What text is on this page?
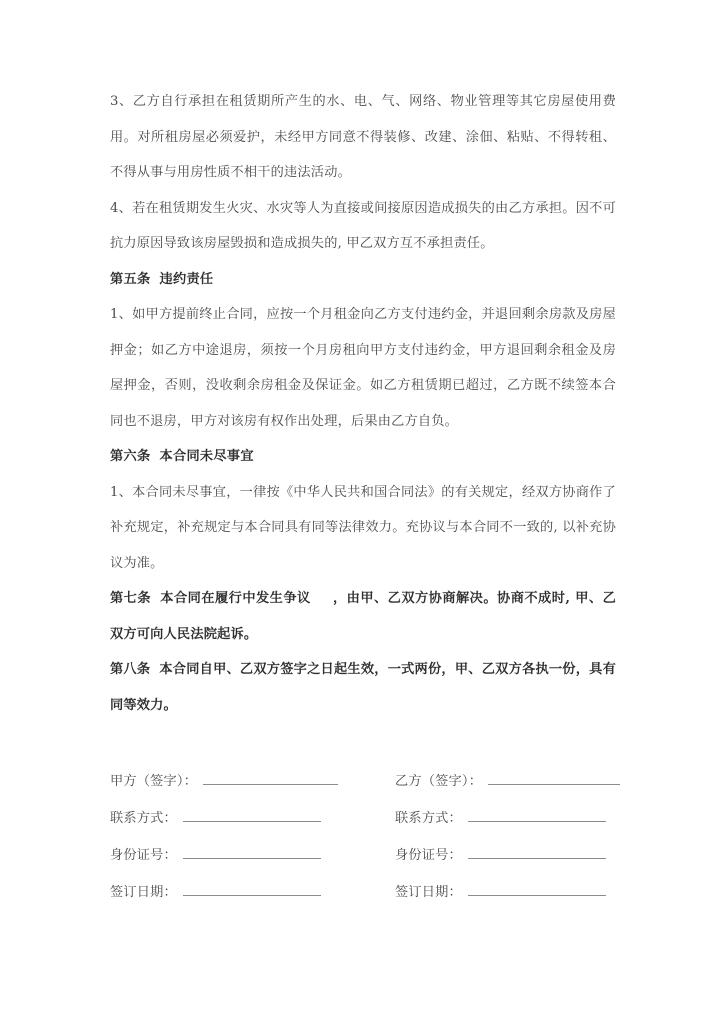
3、乙方自行承担在租赁期所产生的水、电、气、网络、物业管理等其它房屋使用费用。对所租房屋必须爱护，未经甲方同意不得装修、改建、涂佃、粘贴、不得转租、不得从事与用房性质不相干的违法活动。

4、若在租赁期发生火灾、水灾等人为直接或间接原因造成损失的由乙方承担。因不可抗力原因导致该房屋毁损和造成损失的, 甲乙双方互不承担责任。

第五条 违约责任

1、如甲方提前终止合同，应按一个月租金向乙方支付违约金，并退回剩余房款及房屋押金；如乙方中途退房，须按一个月房租向甲方支付违约金，甲方退回剩余租金及房屋押金，否则，没收剩余房租金及保证金。如乙方租赁期已超过，乙方既不续签本合同也不退房，甲方对该房有权作出处理，后果由乙方自负。

第六条 本合同未尽事宜

1、本合同未尽事宜，一律按《中华人民共和国合同法》的有关规定，经双方协商作了补充规定，补充规定与本合同具有同等法律效力。充协议与本合同不一致的, 以补充协议为准。

第七条 本合同在履行中发生争议 ，由甲、乙双方协商解决。协商不成时, 甲、乙双方可向人民法院起诉。

第八条 本合同自甲、乙双方签字之日起生效，一式两份，甲、乙双方各执一份，具有同等效力。

甲方（签字）：	乙方（签字）：
联系方式：	联系方式：
身份证号：	身份证号：
签订日期：	签订日期：
